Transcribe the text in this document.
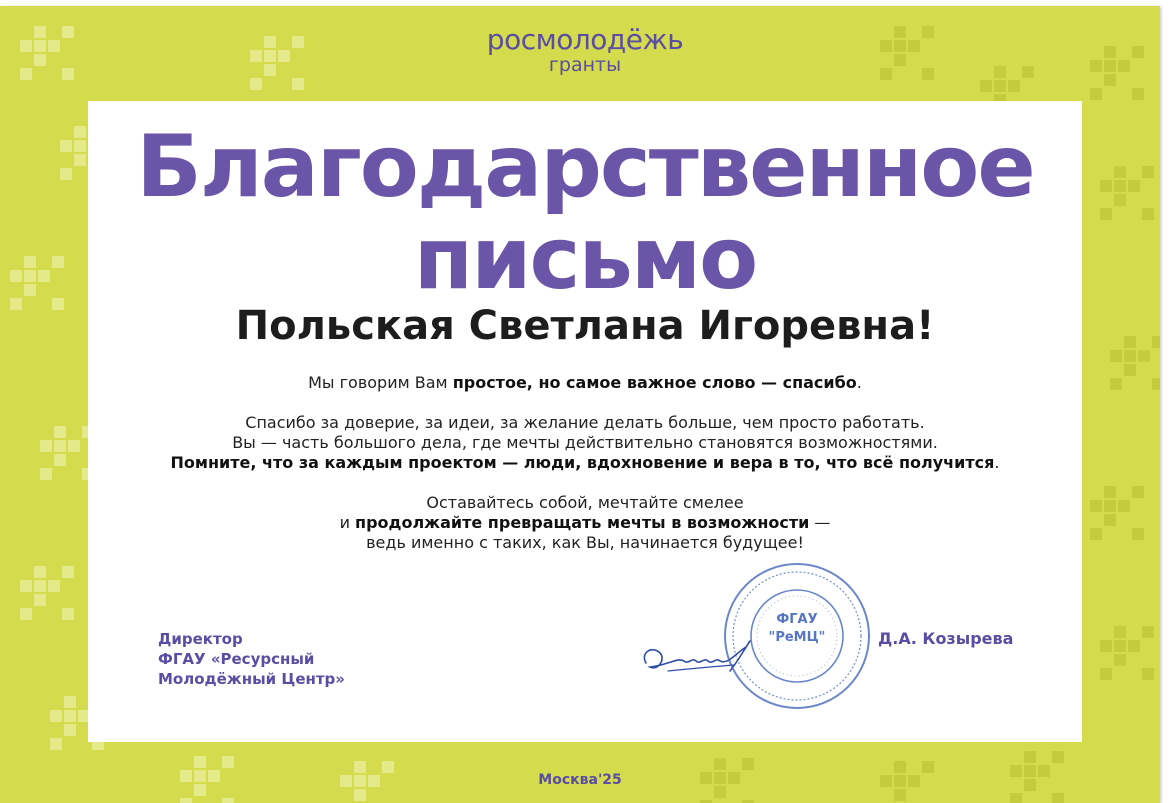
Москва'25
росмолодёжь
гранты
Благодарственное
письмо
Польская Светлана Игоревна!

Мы говорим Вам простое, но самое важное слово — спасибо.

Спасибо за доверие, за идеи, за желание делать больше, чем просто работать.

Вы — часть большого дела, где мечты действительно становятся возможностями.

Помните, что за каждым проектом — люди, вдохновение и вера в то, что всё получится.

Оставайтесь собой, мечтайте смелее

и продолжайте превращать мечты в возможности —

ведь именно с таких, как Вы, начинается будущее!

Директор
ФГАУ «Ресурсный
Молодёжный Центр»
ФГАУ
"РеМЦ"	Д.А. Козырева
